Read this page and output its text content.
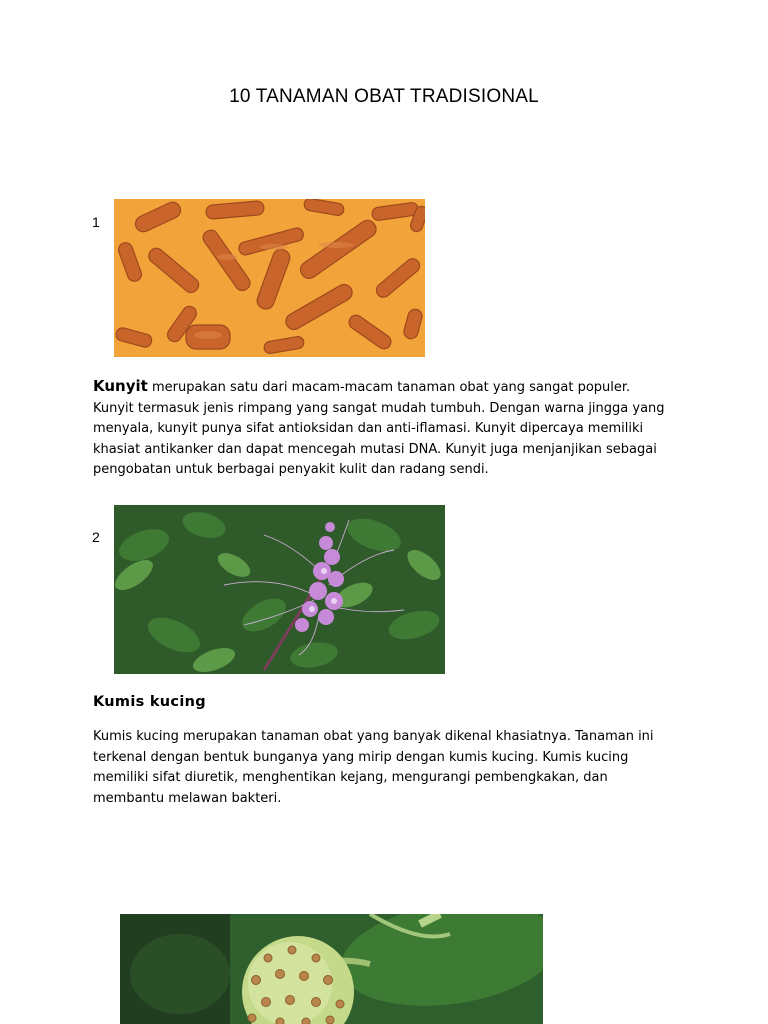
10 TANAMAN OBAT TRADISIONAL
1
Kunyit merupakan satu dari macam-macam tanaman obat yang sangat populer. Kunyit termasuk jenis rimpang yang sangat mudah tumbuh. Dengan warna jingga yang menyala, kunyit punya sifat antioksidan dan anti-iflamasi. Kunyit dipercaya memiliki khasiat antikanker dan dapat mencegah mutasi DNA. Kunyit juga menjanjikan sebagai pengobatan untuk berbagai penyakit kulit dan radang sendi.
2
Kumis kucing
Kumis kucing merupakan tanaman obat yang banyak dikenal khasiatnya. Tanaman ini terkenal dengan bentuk bunganya yang mirip dengan kumis kucing. Kumis kucing memiliki sifat diuretik, menghentikan kejang, mengurangi pembengkakan, dan membantu melawan bakteri.
